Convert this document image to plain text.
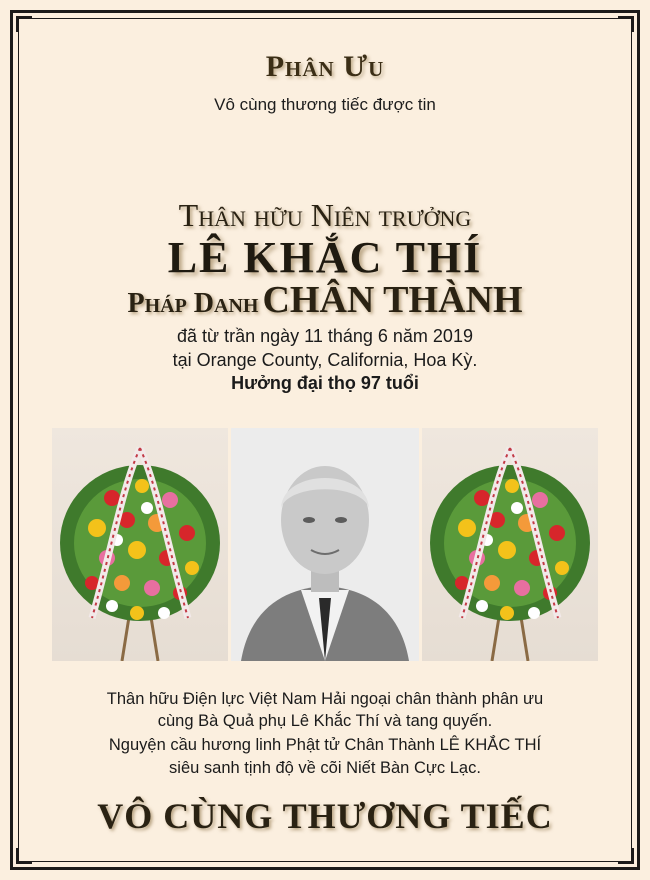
Phân Ưu
Vô cùng thương tiếc được tin
Thân hữu Niên trưởng
LÊ KHẮC THÍ
Pháp Danh CHÂN THÀNH
đã từ trần ngày 11 tháng 6 năm 2019
tại Orange County, California, Hoa Kỳ.
Hưởng đại thọ 97 tuổi
Thân hữu Điện lực Việt Nam Hải ngoại chân thành phân ưu
cùng Bà Quả phụ Lê Khắc Thí và tang quyến.
Nguyện cầu hương linh Phật tử Chân Thành LÊ KHẮC THÍ
siêu sanh tịnh độ về cõi Niết Bàn Cực Lạc.
VÔ CÙNG THƯƠNG TIẾC
